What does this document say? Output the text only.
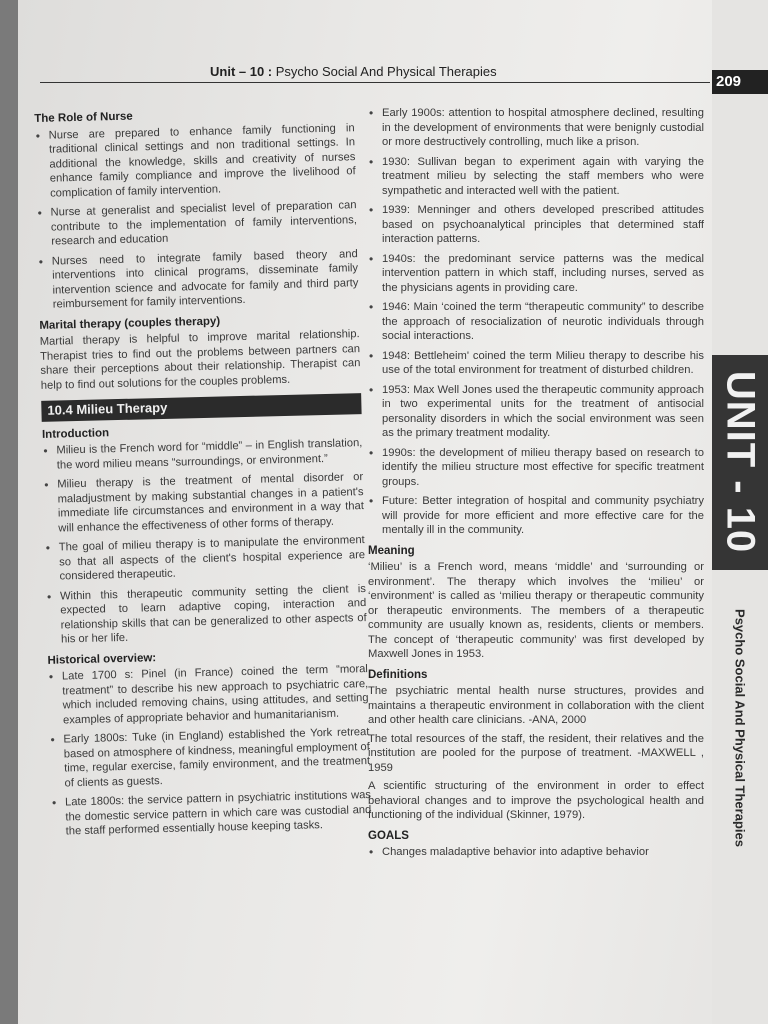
Unit – 10 : Psycho Social And Physical Therapies
209
UNIT - 10
Psycho Social And Physical Therapies
The Role of Nurse
• Nurse are prepared to enhance family functioning in traditional clinical settings and non traditional settings. In additional the knowledge, skills and creativity of nurses enhance family compliance and improve the livelihood of complication of family intervention.
• Nurse at generalist and specialist level of preparation can contribute to the implementation of family interventions, research and education
• Nurses need to integrate family based theory and interventions into clinical programs, disseminate family intervention science and advocate for family and third party reimbursement for family interventions.
Marital therapy (couples therapy)

Martial therapy is helpful to improve marital relationship. Therapist tries to find out the problems between partners can share their perceptions about their relationship. Therapist can help to find out solutions for the couples problems.

10.4 Milieu Therapy
Introduction
• Milieu is the French word for “middle” – in English translation, the word milieu means “surroundings, or environment.”
• Milieu therapy is the treatment of mental disorder or maladjustment by making substantial changes in a patient's immediate life circumstances and environment in a way that will enhance the effectiveness of other forms of therapy.
• The goal of milieu therapy is to manipulate the environment so that all aspects of the client's hospital experience are considered therapeutic.
• Within this therapeutic community setting the client is expected to learn adaptive coping, interaction and relationship skills that can be generalized to other aspects of his or her life.
Historical overview:
• Late 1700 s: Pinel (in France) coined the term “moral treatment” to describe his new approach to psychiatric care, which included removing chains, using attitudes, and setting examples of appropriate behavior and humanitarianism.
• Early 1800s: Tuke (in England) established the York retreat based on atmosphere of kindness, meaningful employment of time, regular exercise, family environment, and the treatment of clients as guests.
• Late 1800s: the service pattern in psychiatric institutions was the domestic service pattern in which care was custodial and the staff performed essentially house keeping tasks.
• Early 1900s: attention to hospital atmosphere declined, resulting in the development of environments that were benignly custodial or more destructively controlling, much like a prison.
• 1930: Sullivan began to experiment again with varying the treatment milieu by selecting the staff members who were sympathetic and interacted well with the patient.
• 1939: Menninger and others developed prescribed attitudes based on psychoanalytical principles that determined staff interaction patterns.
• 1940s: the predominant service patterns was the medical intervention pattern in which staff, including nurses, served as the physicians agents in providing care.
• 1946: Main ‘coined the term “therapeutic community” to describe the approach of resocialization of neurotic individuals through social interactions.
• 1948: Bettleheim' coined the term Milieu therapy to describe his use of the total environment for treatment of disturbed children.
• 1953: Max Well Jones used the therapeutic community approach in two experimental units for the treatment of antisocial personality disorders in which the social environment was seen as the primary treatment modality.
• 1990s: the development of milieu therapy based on research to identify the milieu structure most effective for specific treatment groups.
• Future: Better integration of hospital and community psychiatry will provide for more efficient and more effective care for the mentally ill in the community.
Meaning

‘Milieu’ is a French word, means ‘middle’ and ‘surrounding or environment’. The therapy which involves the ‘milieu’ or ‘environment’ is called as ‘milieu therapy or therapeutic community or therapeutic environments. The members of a therapeutic community are usually known as, residents, clients or members. The concept of ‘therapeutic community’ was first developed by Maxwell Jones in 1953.

Definitions

The psychiatric mental health nurse structures, provides and maintains a therapeutic environment in collaboration with the client and other health care clinicians. -ANA, 2000

The total resources of the staff, the resident, their relatives and the institution are pooled for the purpose of treatment. -MAXWELL , 1959

A scientific structuring of the environment in order to effect behavioral changes and to improve the psychological health and functioning of the individual (Skinner, 1979).

GOALS
• Changes maladaptive behavior into adaptive behavior
